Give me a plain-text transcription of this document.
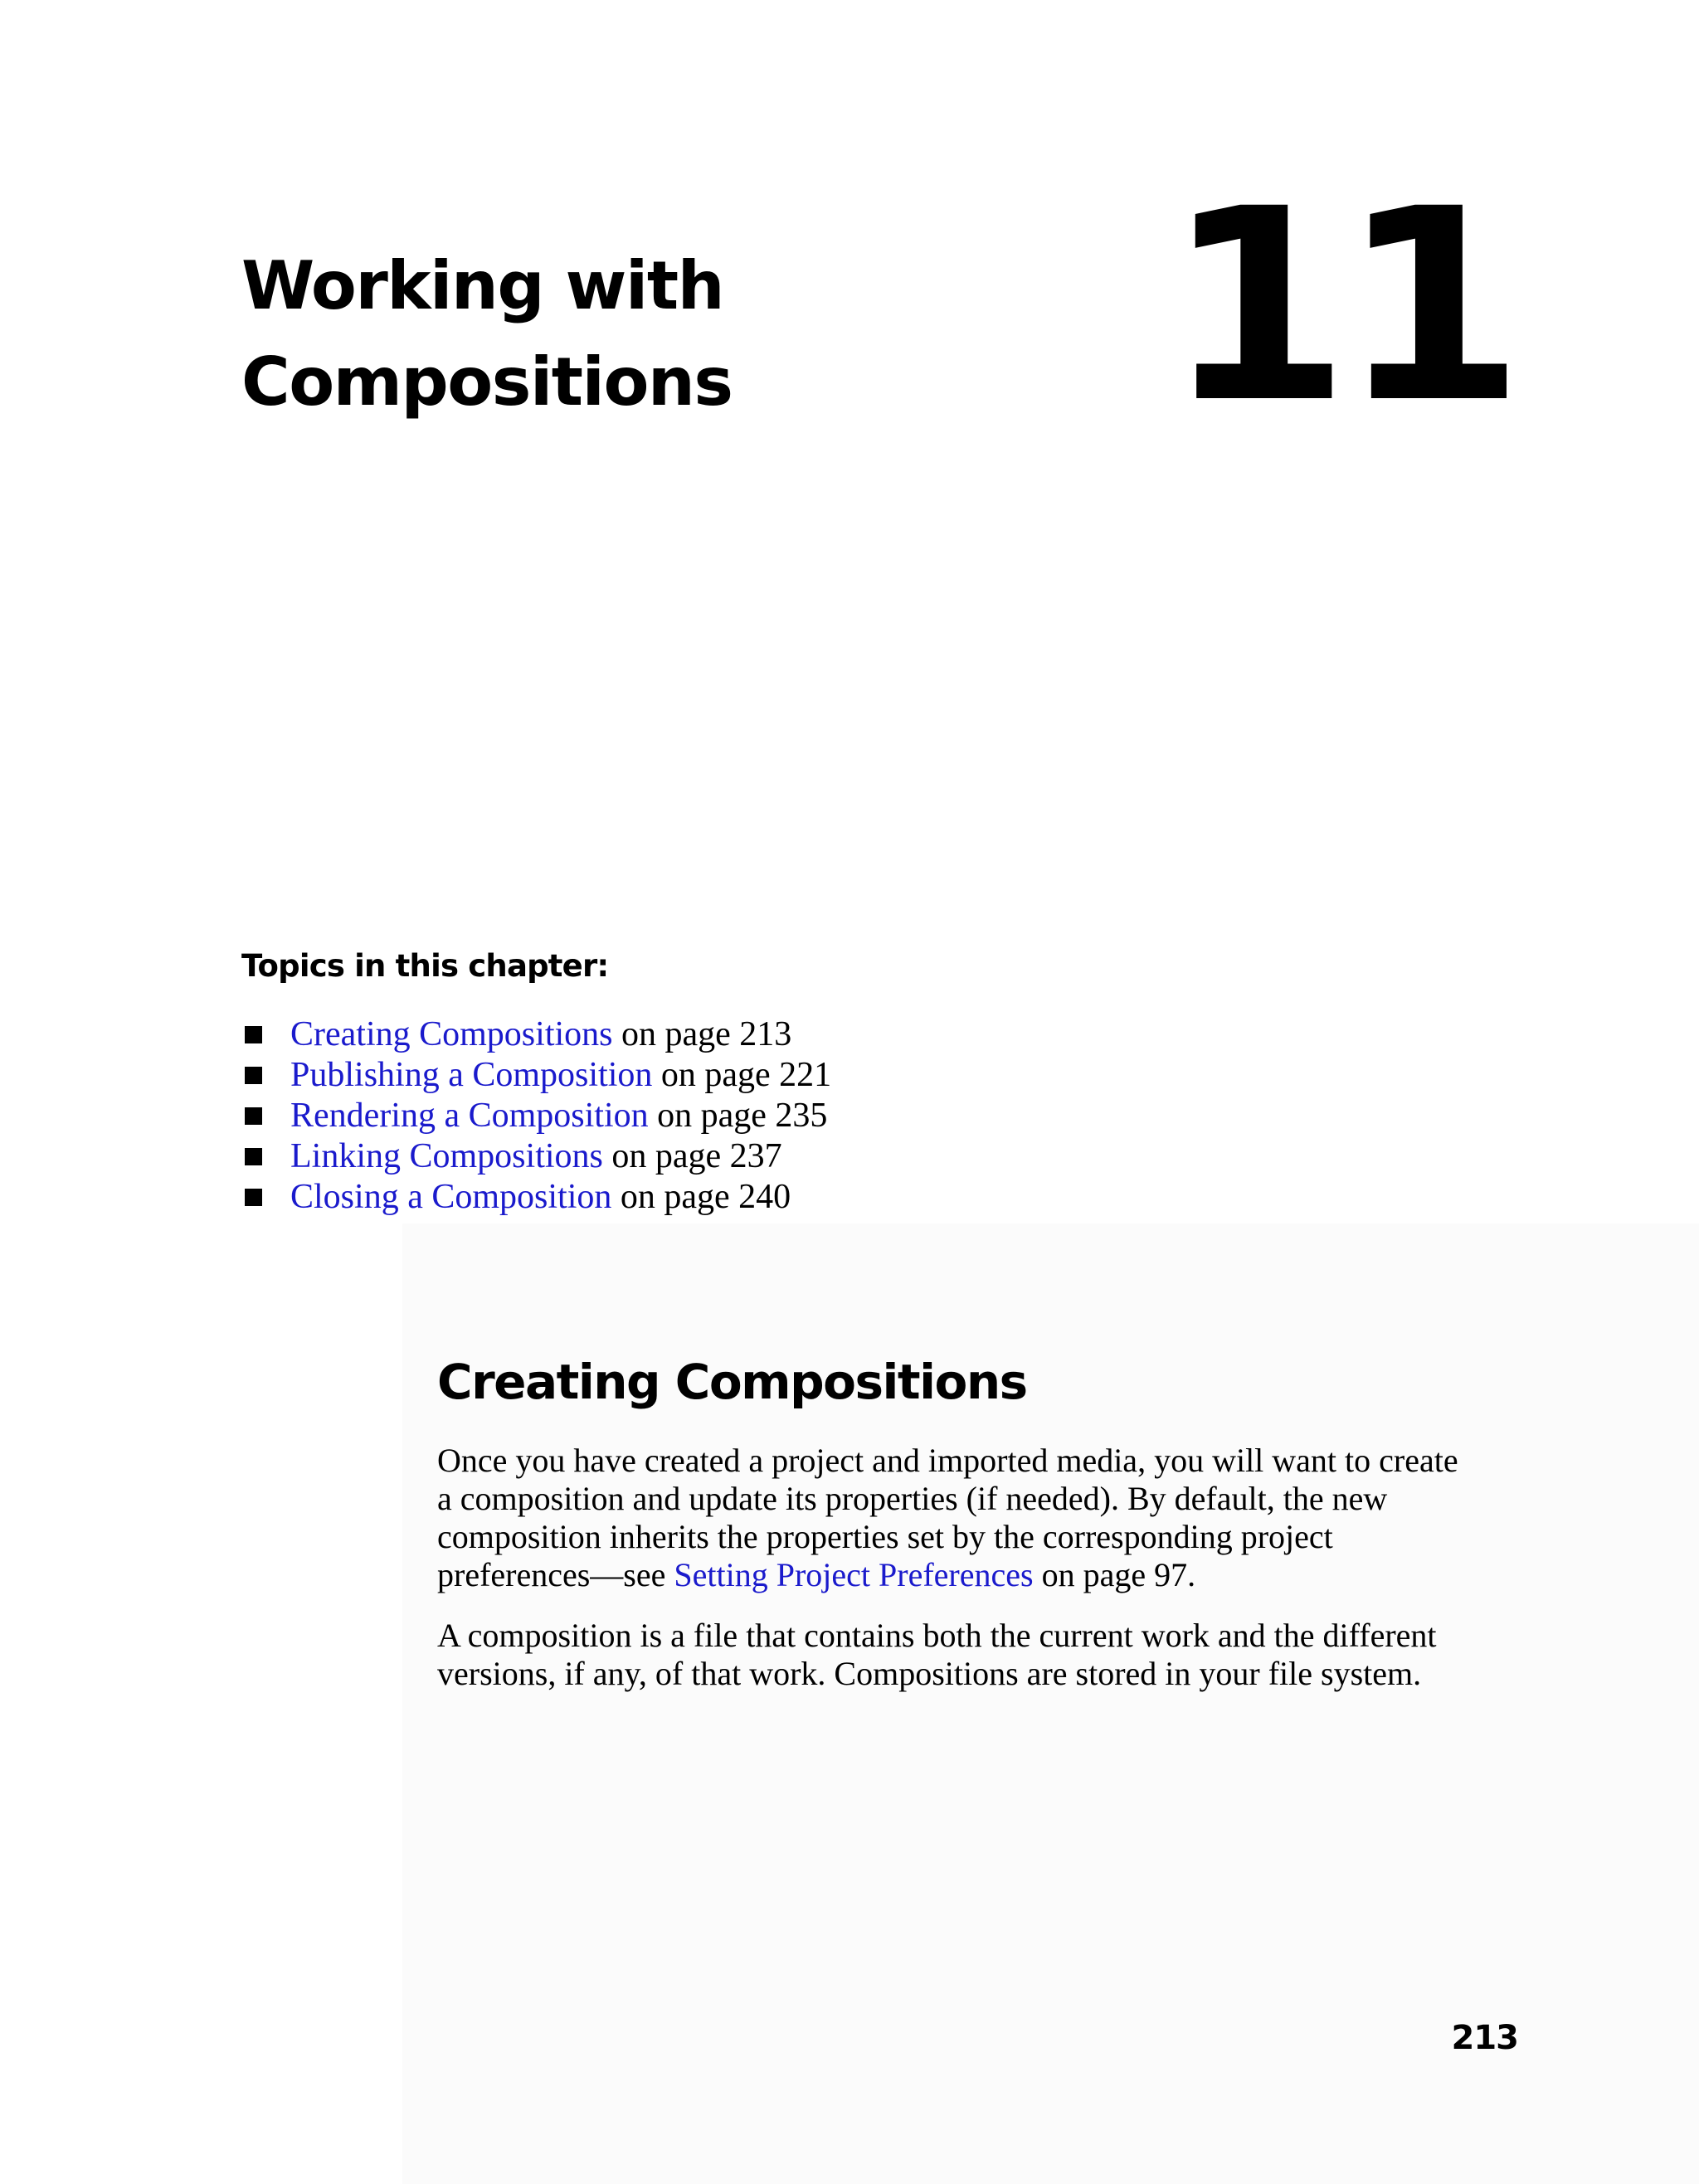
Working with
Compositions 11
Topics in this chapter:
Creating Compositions on page 213
Publishing a Composition on page 221
Rendering a Composition on page 235
Linking Compositions on page 237
Closing a Composition on page 240
Creating Compositions

Once you have created a project and imported media, you will want to create
a composition and update its properties (if needed). By default, the new
composition inherits the properties set by the corresponding project
preferences—see Setting Project Preferences on page 97.

A composition is a file that contains both the current work and the different
versions, if any, of that work. Compositions are stored in your file system.

213
